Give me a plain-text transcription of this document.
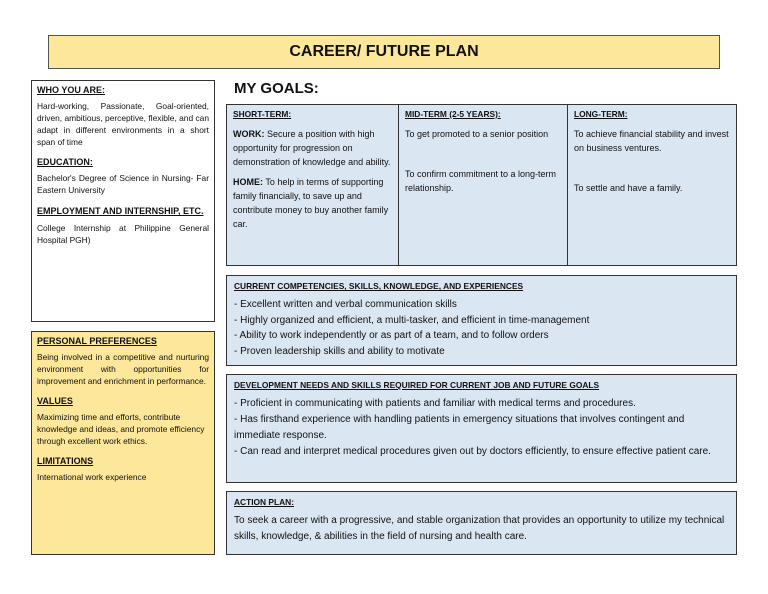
CAREER/ FUTURE PLAN
WHO YOU ARE:
Hard-working, Passionate, Goal-oriented, driven, ambitious, perceptive, flexible, and can adapt in different environments in a short span of time
EDUCATION:
Bachelor's Degree of Science in Nursing- Far Eastern University
EMPLOYMENT AND INTERNSHIP, ETC.
College Internship at Philippine General Hospital PGH)
PERSONAL PREFERENCES
Being involved in a competitive and nurturing environment with opportunities for improvement and enrichment in performance.
VALUES
Maximizing time and efforts, contribute knowledge and ideas, and promote efficiency through excellent work ethics.
LIMITATIONS
International work experience
MY GOALS:
SHORT-TERM:

WORK: Secure a position with high opportunity for progression on demonstration of knowledge and ability.

HOME: To help in terms of supporting family financially, to save up and contribute money to buy another family car.

MID-TERM (2-5 YEARS):

To get promoted to a senior position

To confirm commitment to a long-term relationship.

LONG-TERM:

To achieve financial stability and invest on business ventures.

To settle and have a family.

CURRENT COMPETENCIES, SKILLS, KNOWLEDGE, AND EXPERIENCES
- Excellent written and verbal communication skills
- Highly organized and efficient, a multi-tasker, and efficient in time-management
- Ability to work independently or as part of a team, and to follow orders
- Proven leadership skills and ability to motivate
DEVELOPMENT NEEDS AND SKILLS REQUIRED FOR CURRENT JOB AND FUTURE GOALS
- Proficient in communicating with patients and familiar with medical terms and procedures.
- Has firsthand experience with handling patients in emergency situations that involves contingent and immediate response.
- Can read and interpret medical procedures given out by doctors efficiently, to ensure effective patient care.
ACTION PLAN:
To seek a career with a progressive, and stable organization that provides an opportunity to utilize my technical skills, knowledge, & abilities in the field of nursing and health care.
